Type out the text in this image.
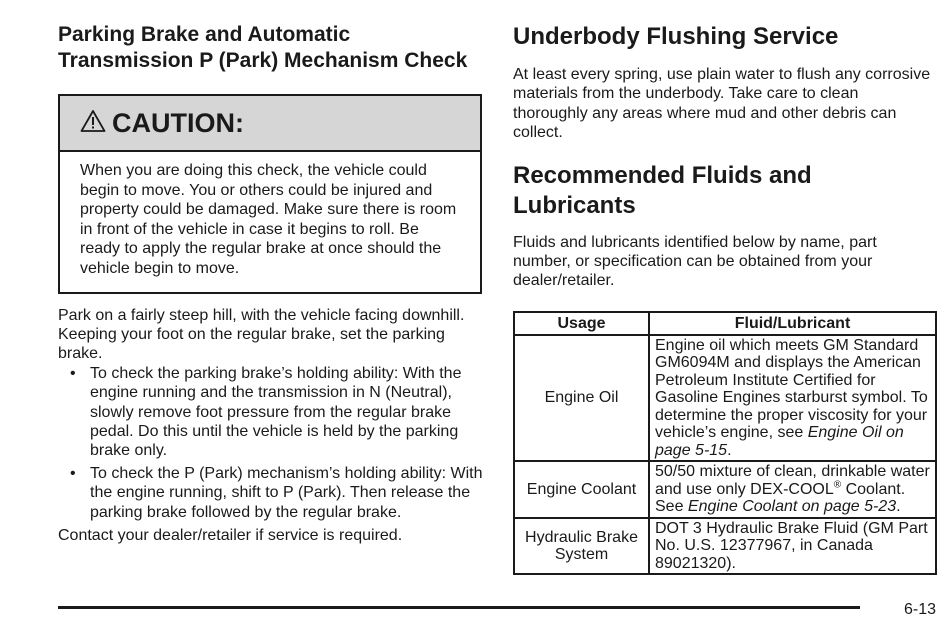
Parking Brake and Automatic Transmission P (Park) Mechanism Check
CAUTION:
When you are doing this check, the vehicle could begin to move. You or others could be injured and property could be damaged. Make sure there is room in front of the vehicle in case it begins to roll. Be ready to apply the regular brake at once should the vehicle begin to move.

Park on a fairly steep hill, with the vehicle facing downhill. Keeping your foot on the regular brake, set the parking brake.

• To check the parking brake’s holding ability: With the engine running and the transmission in N (Neutral), slowly remove foot pressure from the regular brake pedal. Do this until the vehicle is held by the parking brake only.
• To check the P (Park) mechanism’s holding ability: With the engine running, shift to P (Park). Then release the parking brake followed by the regular brake.

Contact your dealer/retailer if service is required.

Underbody Flushing Service

At least every spring, use plain water to flush any corrosive materials from the underbody. Take care to clean thoroughly any areas where mud and other debris can collect.

Recommended Fluids and Lubricants

Fluids and lubricants identified below by name, part number, or specification can be obtained from your dealer/retailer.

Usage	Fluid/Lubricant
Engine Oil	Engine oil which meets GM Standard GM6094M and displays the American Petroleum Institute Certified for Gasoline Engines starburst symbol. To determine the proper viscosity for your vehicle’s engine, see Engine Oil on page 5-15.
Engine Coolant	50/50 mixture of clean, drinkable water and use only DEX-COOL® Coolant. See Engine Coolant on page 5-23.
Hydraulic Brake System	DOT 3 Hydraulic Brake Fluid (GM Part No. U.S. 12377967, in Canada 89021320).
6-13
